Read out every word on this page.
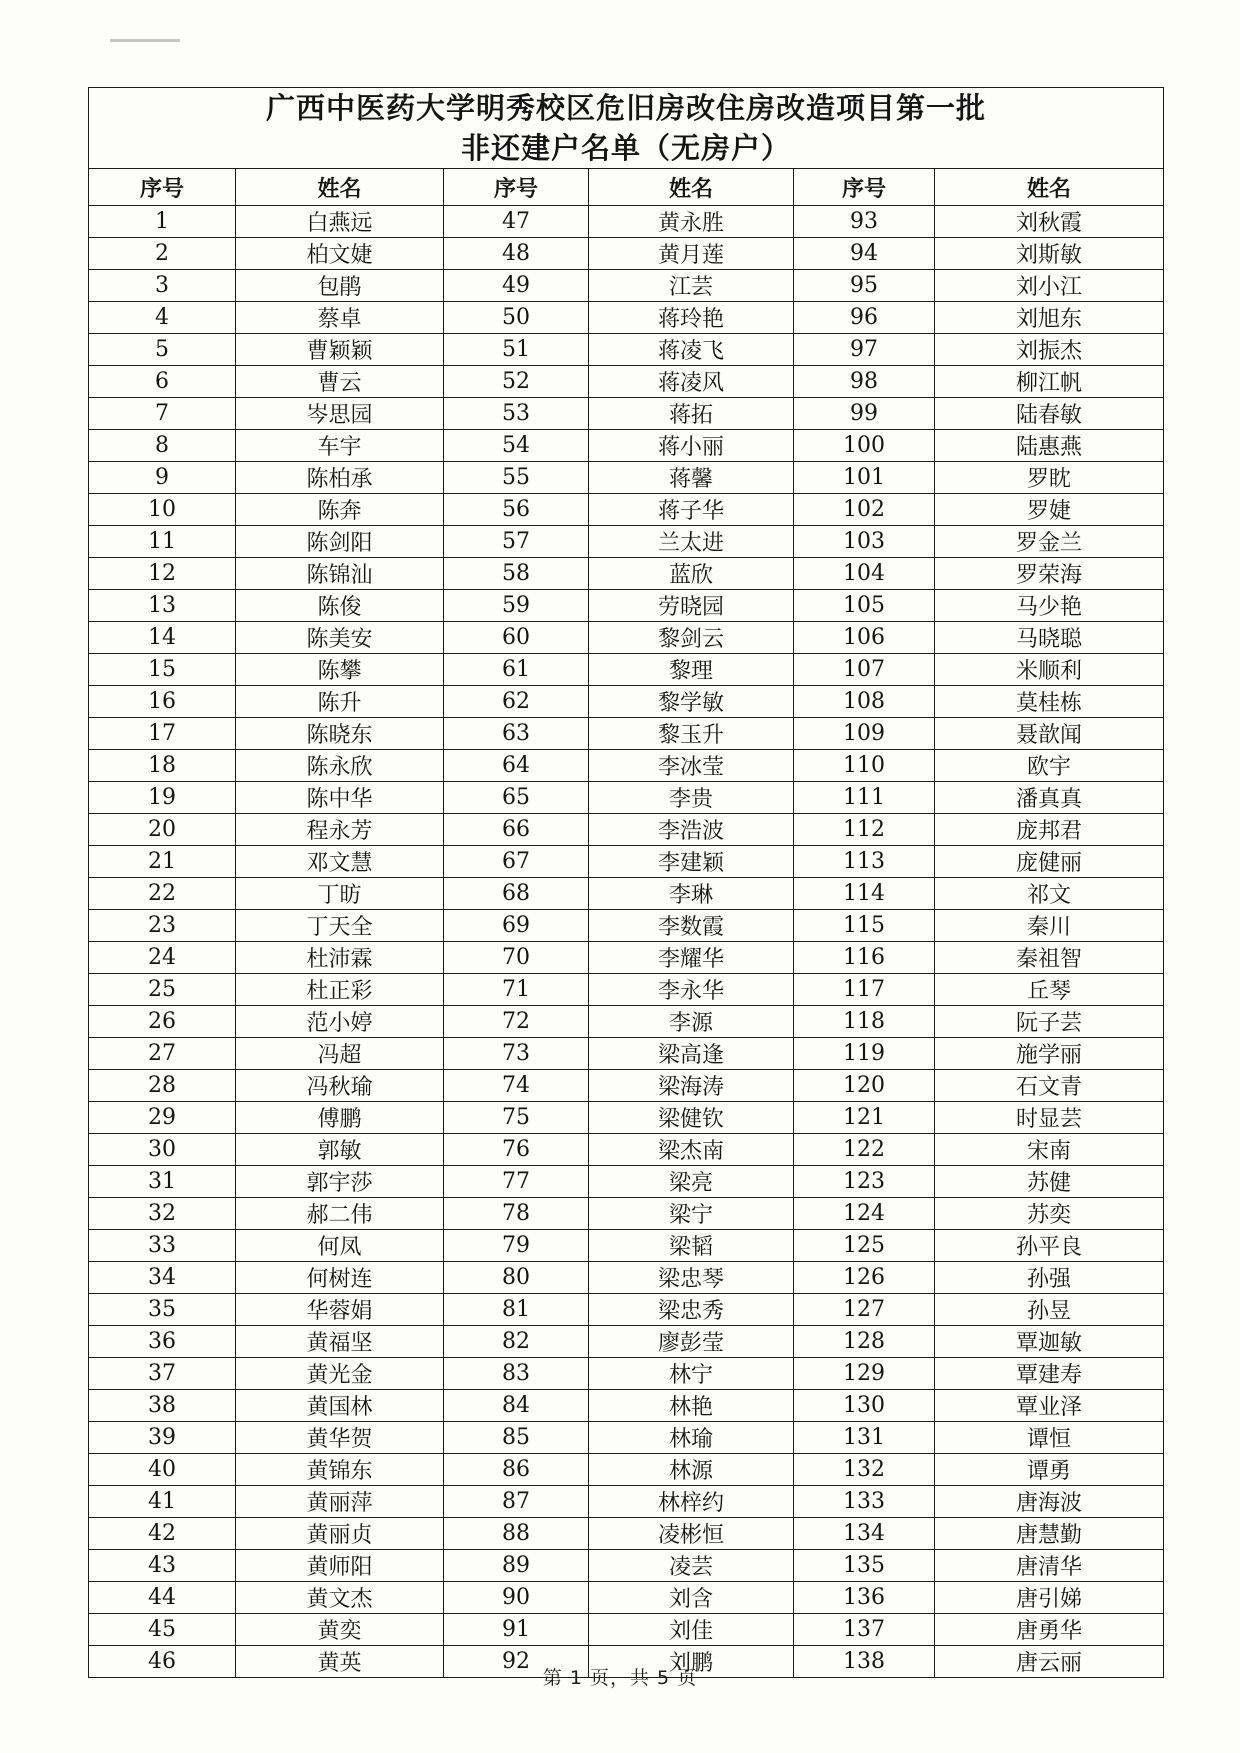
广西中医药大学明秀校区危旧房改住房改造项目第一批
非还建户名单（无房户）					

序号	姓名	序号	姓名	序号	姓名
1	白燕远	47	黄永胜	93	刘秋霞
2	柏文婕	48	黄月莲	94	刘斯敏
3	包鹃	49	江芸	95	刘小江
4	蔡卓	50	蒋玲艳	96	刘旭东
5	曹颖颖	51	蒋凌飞	97	刘振杰
6	曹云	52	蒋凌风	98	柳江帆
7	岑思园	53	蒋拓	99	陆春敏
8	车宇	54	蒋小丽	100	陆惠燕
9	陈柏承	55	蒋馨	101	罗眈
10	陈奔	56	蒋子华	102	罗婕
11	陈剑阳	57	兰太进	103	罗金兰
12	陈锦汕	58	蓝欣	104	罗荣海
13	陈俊	59	劳晓园	105	马少艳
14	陈美安	60	黎剑云	106	马晓聪
15	陈攀	61	黎理	107	米顺利
16	陈升	62	黎学敏	108	莫桂栋
17	陈晓东	63	黎玉升	109	聂歆闻
18	陈永欣	64	李冰莹	110	欧宇
19	陈中华	65	李贵	111	潘真真
20	程永芳	66	李浩波	112	庞邦君
21	邓文慧	67	李建颖	113	庞健丽
22	丁昉	68	李琳	114	祁文
23	丁天全	69	李数霞	115	秦川
24	杜沛霖	70	李耀华	116	秦祖智
25	杜正彩	71	李永华	117	丘琴
26	范小婷	72	李源	118	阮子芸
27	冯超	73	梁高逢	119	施学丽
28	冯秋瑜	74	梁海涛	120	石文青
29	傅鹏	75	梁健钦	121	时显芸
30	郭敏	76	梁杰南	122	宋南
31	郭宇莎	77	梁亮	123	苏健
32	郝二伟	78	梁宁	124	苏奕
33	何凤	79	梁韬	125	孙平良
34	何树连	80	梁忠琴	126	孙强
35	华蓉娟	81	梁忠秀	127	孙昱
36	黄福坚	82	廖彭莹	128	覃迦敏
37	黄光金	83	林宁	129	覃建寿
38	黄国林	84	林艳	130	覃业泽
39	黄华贺	85	林瑜	131	谭恒
40	黄锦东	86	林源	132	谭勇
41	黄丽萍	87	林梓约	133	唐海波
42	黄丽贞	88	凌彬恒	134	唐慧勤
43	黄师阳	89	凌芸	135	唐清华
44	黄文杰	90	刘含	136	唐引娣
45	黄奕	91	刘佳	137	唐勇华
46	黄英	92	刘鹏	138	唐云丽
第 1 页，共 5 页
